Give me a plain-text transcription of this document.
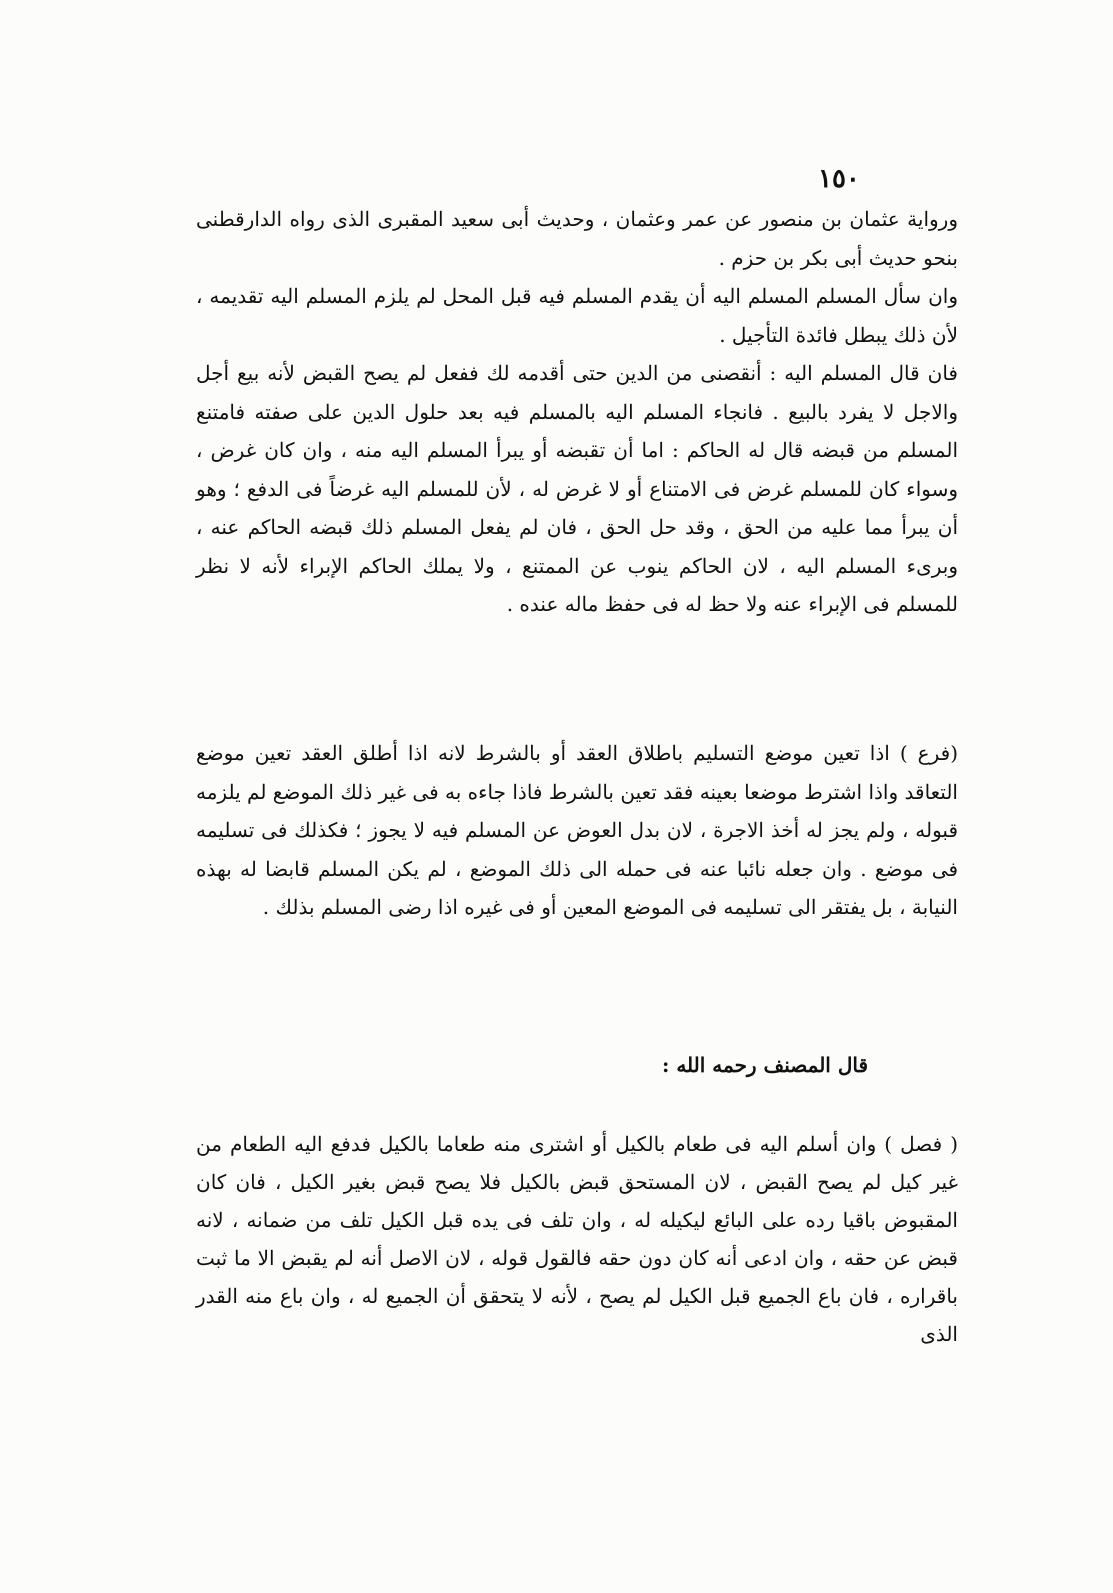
١٥٠

ورواية عثمان بن منصور عن عمر وعثمان ، وحديث أبى سعيد المقبرى الذى رواه الدارقطنى بنحو حديث أبى بكر بن حزم .

وان سأل المسلم المسلم اليه أن يقدم المسلم فيه قبل المحل لم يلزم المسلم اليه تقديمه ، لأن ذلك يبطل فائدة التأجيل .

فان قال المسلم اليه : أنقصنى من الدين حتى أقدمه لك ففعل لم يصح القبض لأنه بيع أجل والاجل لا يفرد بالبيع . فانجاء المسلم اليه بالمسلم فيه بعد حلول الدين على صفته فامتنع المسلم من قبضه قال له الحاكم : اما أن تقبضه أو يبرأ المسلم اليه منه ، وان كان غرض ، وسواء كان للمسلم غرض فى الامتناع أو لا غرض له ، لأن للمسلم اليه غرضاً فى الدفع ؛ وهو أن يبرأ مما عليه من الحق ، وقد حل الحق ، فان لم يفعل المسلم ذلك قبضه الحاكم عنه ، وبرىء المسلم اليه ، لان الحاكم ينوب عن الممتنع ، ولا يملك الحاكم الإبراء لأنه لا نظر للمسلم فى الإبراء عنه ولا حظ له فى حفظ ماله عنده .

(فرع ) اذا تعين موضع التسليم باطلاق العقد أو بالشرط لانه اذا أطلق العقد تعين موضع التعاقد واذا اشترط موضعا بعينه فقد تعين بالشرط فاذا جاءه به فى غير ذلك الموضع لم يلزمه قبوله ، ولم يجز له أخذ الاجرة ، لان بدل العوض عن المسلم فيه لا يجوز ؛ فكذلك فى تسليمه فى موضع . وان جعله نائبا عنه فى حمله الى ذلك الموضع ، لم يكن المسلم قابضا له بهذه النيابة ، بل يفتقر الى تسليمه فى الموضع المعين أو فى غيره اذا رضى المسلم بذلك .

قال المصنف رحمه الله :

( فصل ) وان أسلم اليه فى طعام بالكيل أو اشترى منه طعاما بالكيل فدفع اليه الطعام من غير كيل لم يصح القبض ، لان المستحق قبض بالكيل فلا يصح قبض بغير الكيل ، فان كان المقبوض باقيا رده على البائع ليكيله له ، وان تلف فى يده قبل الكيل تلف من ضمانه ، لانه قبض عن حقه ، وان ادعى أنه كان دون حقه فالقول قوله ، لان الاصل أنه لم يقبض الا ما ثبت باقراره ، فان باع الجميع قبل الكيل لم يصح ، لأنه لا يتحقق أن الجميع له ، وان باع منه القدر الذى
